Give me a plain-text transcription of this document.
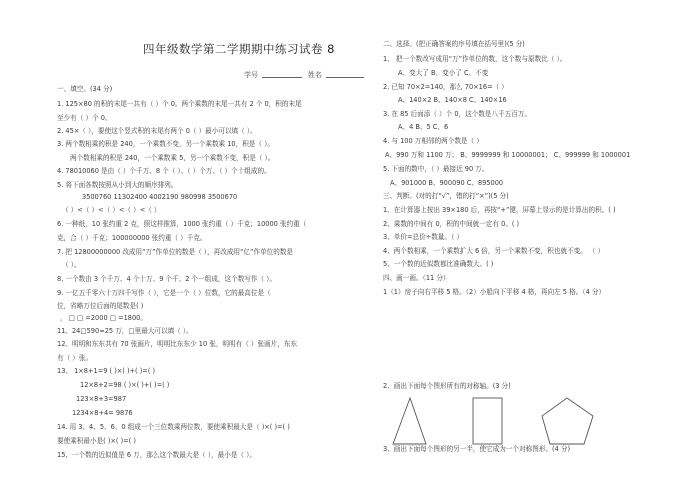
四年级数学第二学期期中练习试卷 8
学号	姓名
一、填空。(34 分)
1. 125×80 的积的末尾一共有（ ）个 0。两个乘数的末尾一共有 2 个 0，积的末尾
至少有（ ）个 0。
2. 45×（ ），要使这个竖式积的末尾有两个 0（ ）最小可以填（ ）。
3. 两个数相乘的积是 240，一个乘数不变，另一个乘数乘 10，积是（ ）。
两个数相乘的积是 240，一个乘数乘 5，另一个乘数不变，积是（ ）。
4. 78010060 是由（ ）个千万、8 个（ ）、（ ）个万、（ ）个十组成的。
5. 将下面各数按照从小到大的顺序排列。
3500760 11302400 4002190 980998 3500670
（ ）<（ ）<（ ）<（ ）<（ ）
6. 一种纸，10 张约重 2 克，照这样推算，1000 张约重（ ）千克；10000 张约重（
克，合（ ）千克；100000000 张约重（ ）千克。
7. 把 12800000000 改成用“万”作单位的数是（ ），再改成用“亿”作单位的数是
（ ）。
8. 一个数由 3 个千万、4 个十万、9 个千、2 个一组成，这个数写作（ ）。
9. 一亿五千零六十万四千写作（ ），它是一个（ ）位数，它的最高位是（
位，省略万位后面的尾数是( )
， □ □ =2000 □ =1800。
11、24□590≈25 万，□里最大可以填（ ）。
12、明明和东东共有 70 张画片，明明比东东少 10 张，明明有（ ）张画片，东东
有（ ）张。
13、 1×8+1=9 ( )×( )+( )=( )
12×8+2=98 ( )×( )+( )=( )
123×8+3=987
1234×8+4= 9876
14. 用 3、4、5、6、0 组成一个三位数乘两位数，要使乘积最大是（ )×( )=( )
要使乘积最小是( )×( )=( )
15、一个数的近似值是 6 万，那么这个数最大是（ ），最小是（ ）。
二、选择。(把正确答案的序号填在括号里)(5 分)
1、 把一个数改写成用“万”作单位的数，这个数与原数比（ ）。
A、变大了 B、变小了 C、不变
2. 已知 70×2=140，那么 70×16=（ ）
A、140×2 B、140×8 C、140×16
3. 在 85 后面添（ ）个 0，这个数是八千五百万。
A、4 B、5 C、6
4. 与 100 万相邻的两个数是（ ）
A、990 万和 1100 万； B、9999999 和 10000001； C、999999 和 1000001
5. 下面的数中，（ ）最接近 90 万。
A、901000 B、900090 C、895000
三、判断。(对的打“√”，错的打“×”)(5 分)
1、在计算器上按出 39×180 后，再按“+”键，屏幕上显示的是计算出的积。( )
2、乘数的中间有 0，积的中间就一定有 0。( )
3、单价=总价÷数量。（ ）
4、两个数相乘，一个乘数扩大 6 倍，另一个乘数不变，积也就不变。 （ ）
5、一个数的近似数都比准确数大。( )
四、画一画。（11 分）
1（1）房子向右平移 5 格。（2）小船向下平移 4 格，再向左 5 格。（4 分）
2、画出下面每个图形所有的对称轴。(3 分)
3、画出下面每个图形的另一半，使它成为一个对称图形。(4 分)
